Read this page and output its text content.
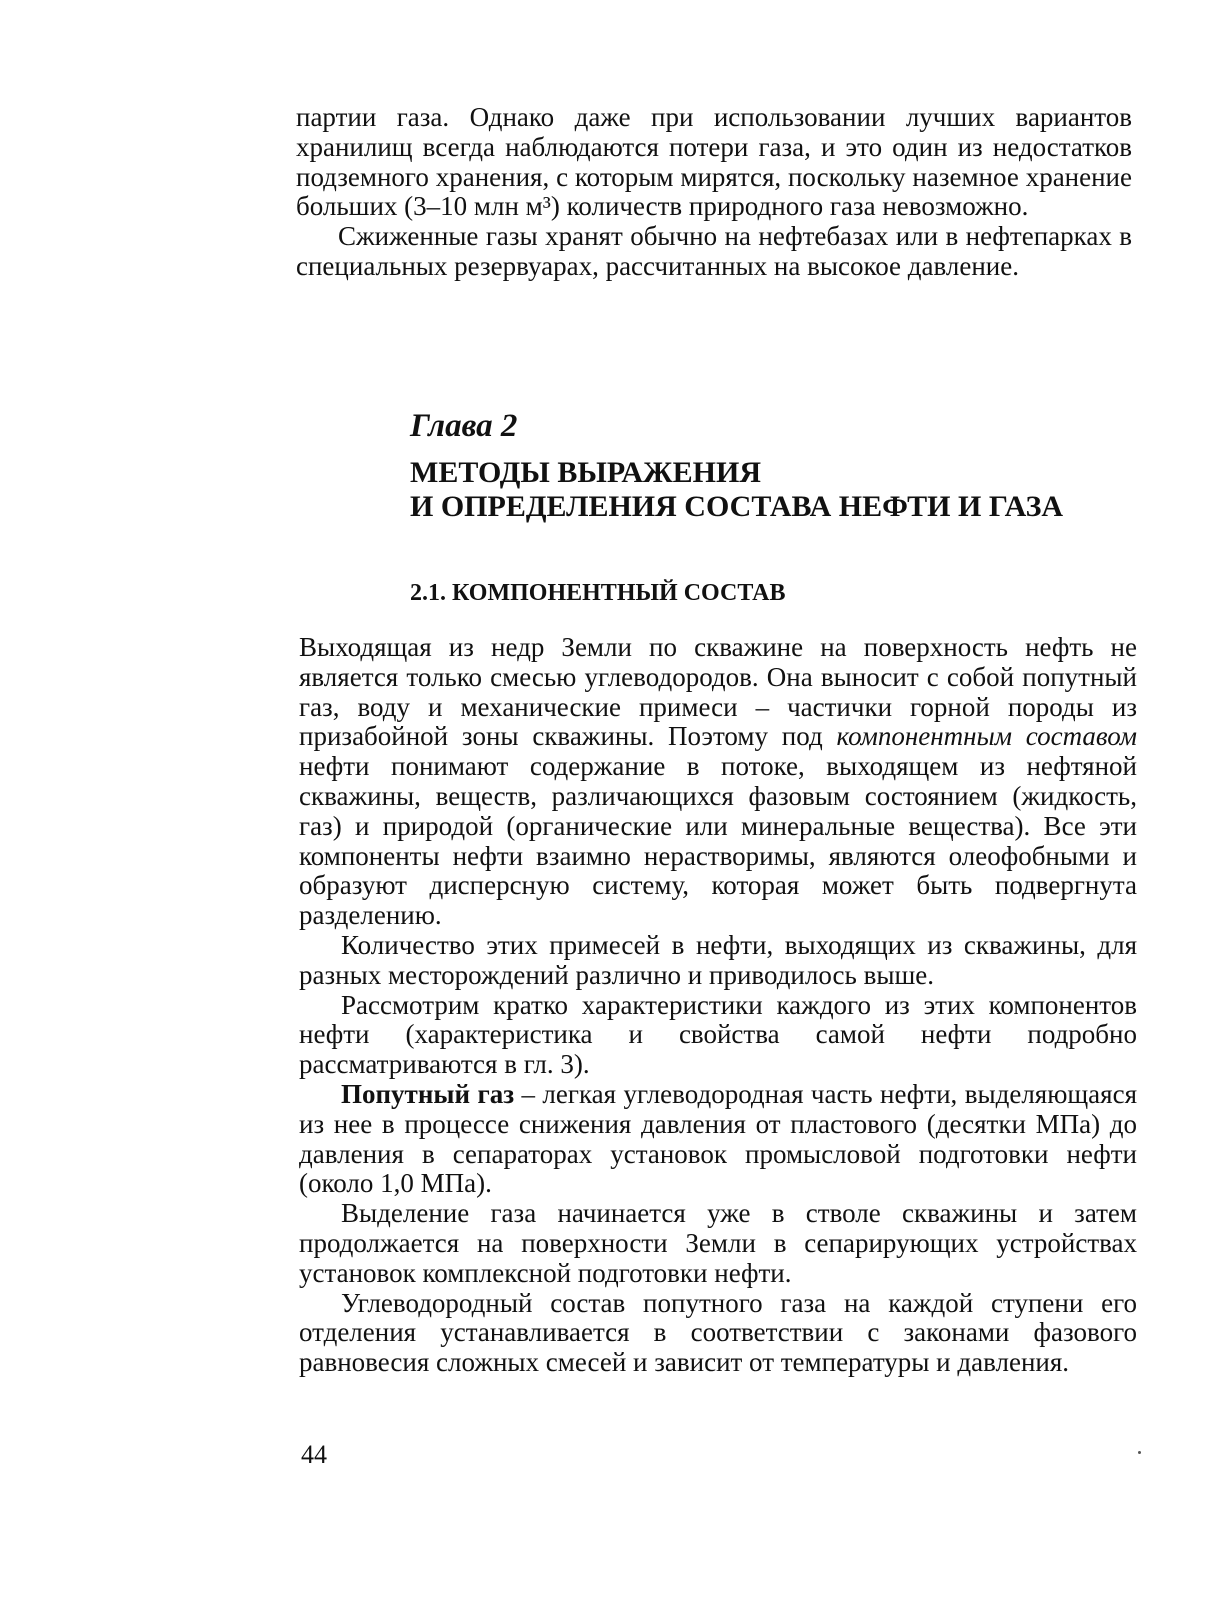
партии газа. Однако даже при использовании лучших вариантов хранилищ всегда наблюдаются потери газа, и это один из недостатков подземного хранения, с которым мирятся, поскольку наземное хранение больших (3–10 млн м³) количеств природного газа невозможно.

Сжиженные газы хранят обычно на нефтебазах или в нефтепарках в специальных резервуарах, рассчитанных на высокое давление.

Глава 2
МЕТОДЫ ВЫРАЖЕНИЯ
И ОПРЕДЕЛЕНИЯ СОСТАВА НЕФТИ И ГАЗА
2.1. КОМПОНЕНТНЫЙ СОСТАВ

Выходящая из недр Земли по скважине на поверхность нефть не является только смесью углеводородов. Она выносит с собой попутный газ, воду и механические примеси – частички горной породы из призабойной зоны скважины. Поэтому под компонентным составом нефти понимают содержание в потоке, выходящем из нефтяной скважины, веществ, различающихся фазовым состоянием (жидкость, газ) и природой (органические или минеральные вещества). Все эти компоненты нефти взаимно нерастворимы, являются олеофобными и образуют дисперсную систему, которая может быть подвергнута разделению.

Количество этих примесей в нефти, выходящих из скважины, для разных месторождений различно и приводилось выше.

Рассмотрим кратко характеристики каждого из этих компонентов нефти (характеристика и свойства самой нефти подробно рассматриваются в гл. 3).

Попутный газ – легкая углеводородная часть нефти, выделяющаяся из нее в процессе снижения давления от пластового (десятки МПа) до давления в сепараторах установок промысловой подготовки нефти (около 1,0 МПа).

Выделение газа начинается уже в стволе скважины и затем продолжается на поверхности Земли в сепарирующих устройствах установок комплексной подготовки нефти.

Углеводородный состав попутного газа на каждой ступени его отделения устанавливается в соответствии с законами фазового равновесия сложных смесей и зависит от температуры и давления.

44
